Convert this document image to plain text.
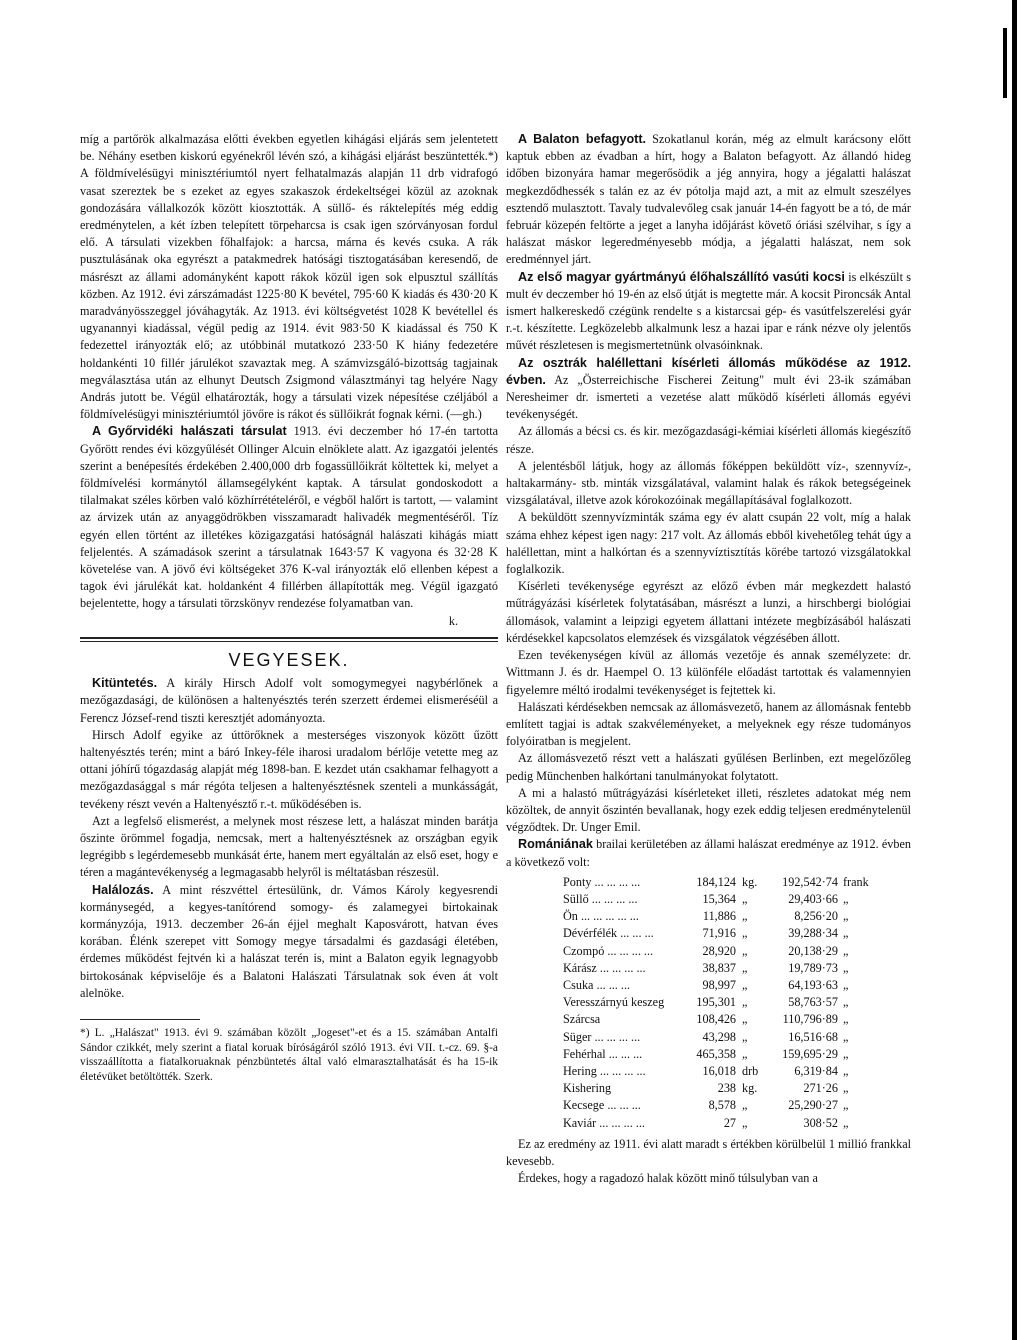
míg a partőrök alkalmazása előtti években egyetlen kihágási eljárás sem jelentetett be. Néhány esetben kiskorú egyénekről lévén szó, a kihágási eljárást beszüntették.*) A földmívelésügyi minisztériumtól nyert felhatalmazás alapján 11 drb vidrafogó vasat szereztek be s ezeket az egyes szakaszok érdekeltségei közül az azoknak gondozására vállalkozók között kiosztották. A süllő- és ráktelepítés még eddig eredménytelen, a két ízben telepített törpeharcsa is csak igen szórványosan fordul elő. A társulati vizekben főhalfajok: a harcsa, márna és kevés csuka. A rák pusztulásának oka egyrészt a patakmedrek hatósági tisztogatásában keresendő, de másrészt az állami adományként kapott rákok közül igen sok elpusztul szállítás közben. Az 1912. évi zárszámadást 1225·80 K bevétel, 795·60 K kiadás és 430·20 K maradványösszeggel jóváhagyták. Az 1913. évi költségvetést 1028 K bevétellel és ugyanannyi kiadással, végül pedig az 1914. évit 983·50 K kiadással és 750 K fedezettel irányozták elő; az utóbbinál mutatkozó 233·50 K hiány fedezetére holdankénti 10 fillér járulékot szavaztak meg. A számvizsgáló-bizottság tagjainak megválasztása után az elhunyt Deutsch Zsigmond választmányi tag helyére Nagy András jutott be. Végül elhatározták, hogy a társulati vizek népesítése czéljából a földmívelésügyi minisztériumtól jövőre is rákot és süllőikrát fognak kérni. (—gh.)

A Győrvidéki halászati társulat 1913. évi deczember hó 17-én tartotta Győrött rendes évi közgyűlését Ollinger Alcuin elnöklete alatt. Az igazgatói jelentés szerint a benépesítés érdekében 2.400,000 drb fogassüllőikrát költettek ki, melyet a földmívelési kormánytól államsegélyként kaptak. A társulat gondoskodott a tilalmakat széles körben való közhírrétételéről, e végből halőrt is tartott, — valamint az árvizek után az anyaggödrökben visszamaradt halivadék megmentéséről. Tíz egyén ellen történt az illetékes közigazgatási hatóságnál halászati kihágás miatt feljelentés. A számadások szerint a társulatnak 1643·57 K vagyona és 32·28 K követelése van. A jövő évi költségeket 376 K-val irányozták elő ellenben képest a tagok évi járulékát kat. holdanként 4 fillérben állapították meg. Végül igazgató bejelentette, hogy a társulati törzskönyv rendezése folyamatban van.

k.

VEGYESEK.

Kitüntetés. A király Hirsch Adolf volt somogymegyei nagybérlőnek a mezőgazdasági, de különösen a haltenyésztés terén szerzett érdemei elismeréséül a Ferencz József-rend tiszti keresztjét adományozta.

Hirsch Adolf egyike az úttörőknek a mesterséges viszonyok között űzött haltenyésztés terén; mint a báró Inkey-féle iharosi uradalom bérlője vetette meg az ottani jóhírű tógazdaság alapját még 1898-ban. E kezdet után csakhamar felhagyott a mezőgazdasággal s már régóta teljesen a haltenyésztésnek szenteli a munkásságát, tevékeny részt vevén a Haltenyésztő r.-t. működésében is.

Azt a legfelső elismerést, a melynek most részese lett, a halászat minden barátja őszinte örömmel fogadja, nemcsak, mert a haltenyésztésnek az országban egyik legrégibb s legérdemesebb munkását érte, hanem mert egyáltalán az első eset, hogy e téren a magántevékenység a legmagasabb helyről is méltatásban részesül.

Halálozás. A mint részvéttel értesülünk, dr. Vámos Károly kegyesrendi kormánysegéd, a kegyes-tanítórend somogy- és zalamegyei birtokainak kormányzója, 1913. deczember 26-án éjjel meghalt Kaposvárott, hatvan éves korában. Élénk szerepet vitt Somogy megye társadalmi és gazdasági életében, érdemes működést fejtvén ki a halászat terén is, mint a Balaton egyik legnagyobb birtokosának képviselője és a Balatoni Halászati Társulatnak sok éven át volt alelnöke.

*) L. „Halászat" 1913. évi 9. számában közölt „Jogeset"-et és a 15. számában Antalfi Sándor czikkét, mely szerint a fiatal koruak bíróságáról szóló 1913. évi VII. t.-cz. 69. §-a visszaállította a fiatalkoruaknak pénzbüntetés által való elmarasztalhatását és ha 15-ik életévüket betöltötték. Szerk.

A Balaton befagyott. Szokatlanul korán, még az elmult karácsony előtt kaptuk ebben az évadban a hírt, hogy a Balaton befagyott. Az állandó hideg időben bizonyára hamar megerősödik a jég annyira, hogy a jégalatti halászat megkezdődhessék s talán ez az év pótolja majd azt, a mit az elmult szeszélyes esztendő mulasztott. Tavaly tudvalevőleg csak január 14-én fagyott be a tó, de már február közepén feltörte a jeget a lanyha időjárást követő óriási szélvihar, s így a halászat máskor legeredményesebb módja, a jégalatti halászat, nem sok eredménnyel járt.

Az első magyar gyártmányú élőhalszállító vasúti kocsi is elkészült s mult év deczember hó 19-én az első útját is megtette már. A kocsit Pironcsák Antal ismert halkereskedő czégünk rendelte s a kistarcsai gép- és vasútfelszerelési gyár r.-t. készítette. Legközelebb alkalmunk lesz a hazai ipar e ránk nézve oly jelentős művét részletesen is megismertetnünk olvasóinknak.

Az osztrák haléllettani kísérleti állomás működése az 1912. évben. Az „Österreichische Fischerei Zeitung" mult évi 23-ik számában Neresheimer dr. ismerteti a vezetése alatt működő kísérleti állomás egyévi tevékenységét.

Az állomás a bécsi cs. és kir. mezőgazdasági-kémiai kísérleti állomás kiegészítő része.

A jelentésből látjuk, hogy az állomás főképpen beküldött víz-, szennyvíz-, haltakarmány- stb. minták vizsgálatával, valamint halak és rákok betegségeinek vizsgálatával, illetve azok kórokozóinak megállapításával foglalkozott.

A beküldött szennyvízminták száma egy év alatt csupán 22 volt, míg a halak száma ehhez képest igen nagy: 217 volt. Az állomás ebből kivehetőleg tehát úgy a haléllettan, mint a halkórtan és a szennyvíztisztítás körébe tartozó vizsgálatokkal foglalkozik.

Kísérleti tevékenysége egyrészt az előző évben már megkezdett halastó műtrágyázási kísérletek folytatásában, másrészt a lunzi, a hirschbergi biológiai állomások, valamint a leipzigi egyetem állattani intézete megbízásából halászati kérdésekkel kapcsolatos elemzések és vizsgálatok végzésében állott.

Ezen tevékenységen kívül az állomás vezetője és annak személyzete: dr. Wittmann J. és dr. Haempel O. 13 különféle előadást tartottak és valamennyien figyelemre méltó irodalmi tevékenységet is fejtettek ki.

Halászati kérdésekben nemcsak az állomásvezető, hanem az állomásnak fentebb említett tagjai is adtak szakvéleményeket, a melyeknek egy része tudományos folyóiratban is megjelent.

Az állomásvezető részt vett a halászati gyűlésen Berlinben, ezt megelőzőleg pedig Münchenben halkórtani tanulmányokat folytatott.

A mi a halastó műtrágyázási kísérleteket illeti, részletes adatokat még nem közöltek, de annyit őszintén bevallanak, hogy ezek eddig teljesen eredménytelenül végződtek. Dr. Unger Emil.

Romániának brailai kerületében az állami halászat eredménye az 1912. évben a következő volt:

Ponty ... ... ... ...	184,124	kg.	192,542·74	frank
Süllő ... ... ... ...	15,364	„	29,403·66	„
Ön ... ... ... ... ...	11,886	„	8,256·20	„
Dévérfélék ... ... ...	71,916	„	39,288·34	„
Czompó ... ... ... ...	28,920	„	20,138·29	„
Kárász ... ... ... ...	38,837	„	19,789·73	„
Csuka ... ... ...	98,997	„	64,193·63	„
Veresszárnyú keszeg	195,301	„	58,763·57	„
Szárcsa	108,426	„	110,796·89	„
Süger ... ... ... ...	43,298	„	16,516·68	„
Fehérhal ... ... ...	465,358	„	159,695·29	„
Hering ... ... ... ...	16,018	drb	6,319·84	„
Kishering	238	kg.	271·26	„
Kecsege ... ... ...	8,578	„	25,290·27	„
Kaviár ... ... ... ...	27	„	308·52	„

Ez az eredmény az 1911. évi alatt maradt s értékben körülbelül 1 millió frankkal kevesebb.

Érdekes, hogy a ragadozó halak között minő túlsulyban van a
